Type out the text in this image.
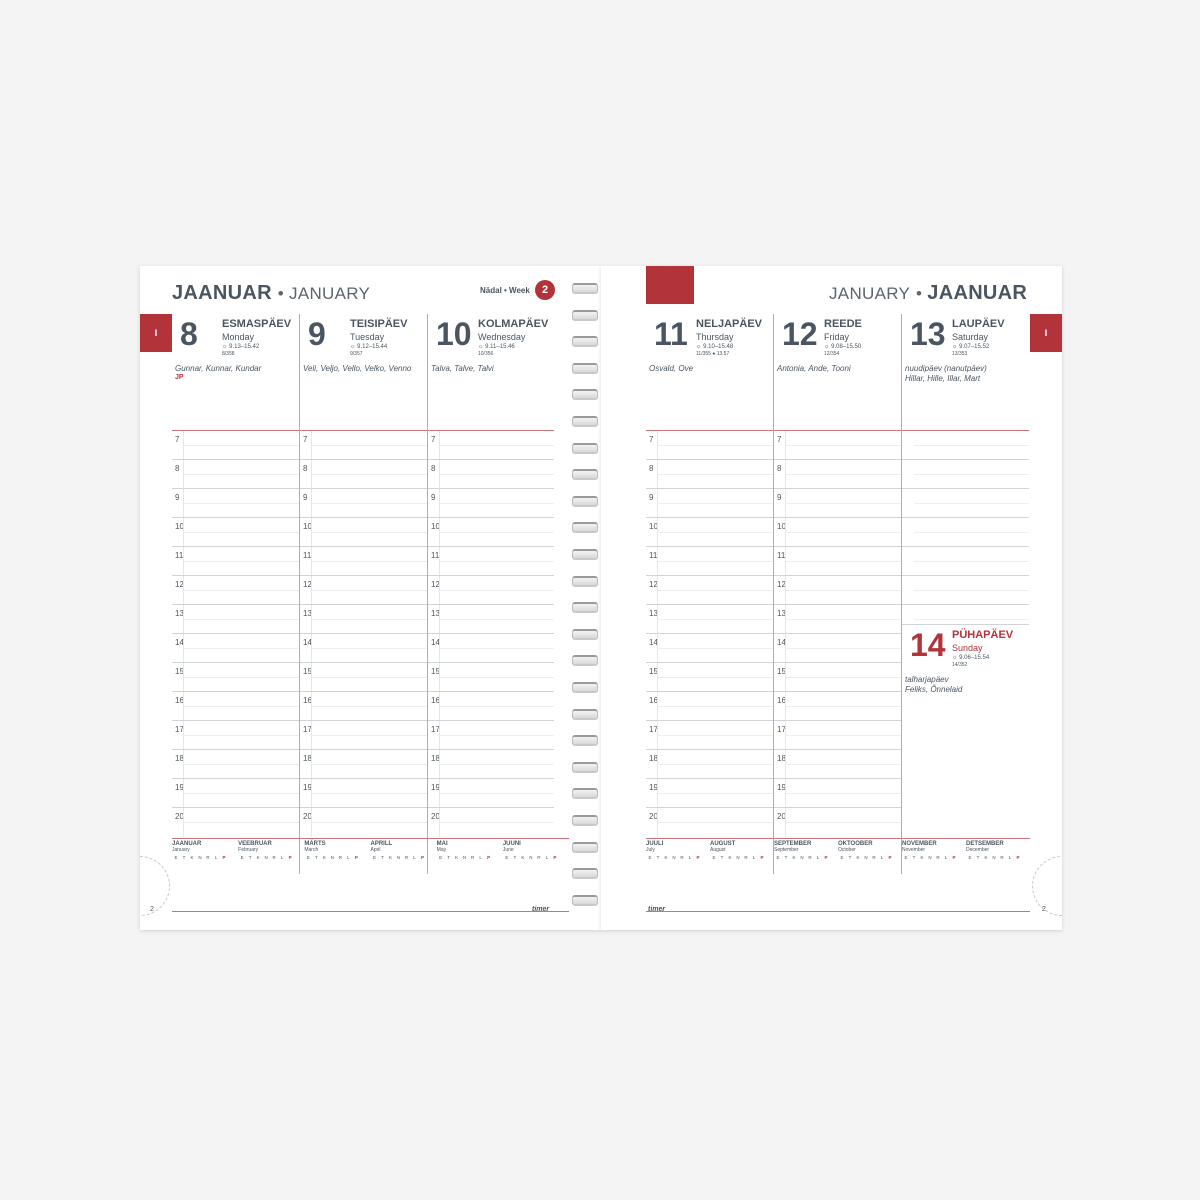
JAANUAR • JANUARY	Nädal • Week	2
I 8 ESMASPÄEV
Monday
☼ 9.13–15.42
8/358
Gunnar, Kunnar, Kundar
JP
7
8
9
10
11
12
13
14
15
16
17
18
19
20
9 TEISIPÄEV
Tuesday
☼ 9.12–15.44
9/357
Veli, Veljo, Vello, Velko, Venno
7
8
9
10
11
12
13
14
15
16
17
18
19
20
10 KOLMAPÄEV
Wednesday
☼ 9.11–15.46
10/356
Talva, Talve, Talvi
7
8
9
10
11
12
13
14
15
16
17
18
19
20
JAANUAR
January
E	T	K	N	R	L	P
VEEBRUAR
February
E	T	K	N	R	L	P
MÄRTS
March
E	T	K	N	R	L	P
APRILL
April
E	T	K	N	R	L	P
MAI
May
E	T	K	N	R	L	P
JUUNI
June
E	T	K	N	R	L	P
2	timer
JANUARY • JAANUAR
I
11 NELJAPÄEV
Thursday
☼ 9.10–15.48
11/355 ● 13.57
Osvald, Ove
7
8
9
10
11
12
13
14
15
16
17
18
19
20
12 REEDE
Friday
☼ 9.08–15.50
12/354
Antonia, Ande, Tooni
7
8
9
10
11
12
13
14
15
16
17
18
19
20
13 LAUPÄEV
Saturday
☼ 9.07–15.52
13/353
nuudipäev (nanutpäev)
Hillar, Hille, Illar, Mart
14 PÜHAPÄEV
Sunday
☼ 9.06–15.54
14/352
talharjapäev
Feliks, Õnnelaid
JUULI
July
E	T	K	N	R	L	P
AUGUST
August
E	T	K	N	R	L	P
SEPTEMBER
September
E	T	K	N	R	L	P
OKTOOBER
October
E	T	K	N	R	L	P
NOVEMBER
November
E	T	K	N	R	L	P
DETSEMBER
December
E	T	K	N	R	L	P
2
timer
